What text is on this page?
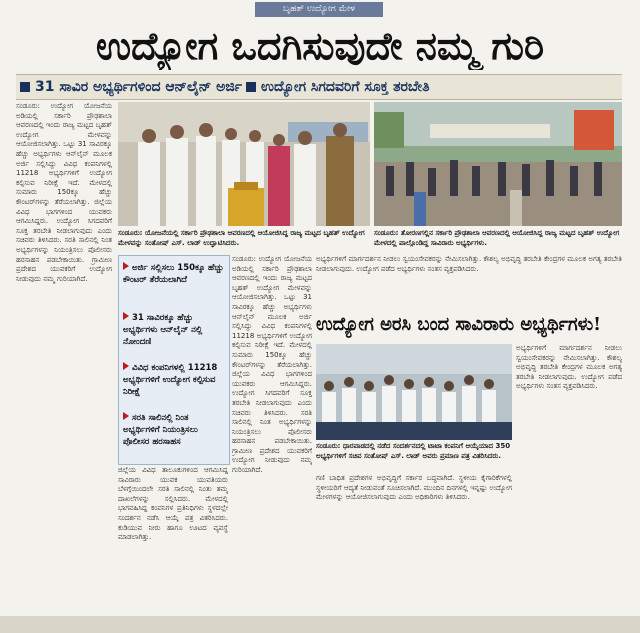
ಬೃಹತ್ ಉದ್ಯೋಗ ಮೇಳ
ಉದ್ಯೋಗ ಒದಗಿಸುವುದೇ ನಮ್ಮ ಗುರಿ
31 ಸಾವಿರ ಅಭ್ಯರ್ಥಿಗಳಿಂದ ಆನ್‌ಲೈನ್ ಅರ್ಜಿ ಉದ್ಯೋಗ ಸಿಗದವರಿಗೆ ಸೂಕ್ತ ತರಬೇತಿ
ಸಂಡೂರು: ಉದ್ಯೋಗ ಯೋಜನೆಯ ಅಡಿಯಲ್ಲಿ ಸರ್ಕಾರಿ ಪ್ರೌಢಶಾಲಾ ಆವರಣದಲ್ಲಿ ಇಂದು ರಾಜ್ಯ ಮಟ್ಟದ ಬೃಹತ್ ಉದ್ಯೋಗ ಮೇಳವನ್ನು ಆಯೋಜಿಸಲಾಗಿತ್ತು. ಒಟ್ಟು 31 ಸಾವಿರಕ್ಕೂ ಹೆಚ್ಚು ಅಭ್ಯರ್ಥಿಗಳು ಆನ್‌ಲೈನ್ ಮೂಲಕ ಅರ್ಜಿ ಸಲ್ಲಿಸಿದ್ದು ವಿವಿಧ ಕಂಪನಿಗಳಲ್ಲಿ 11218 ಅಭ್ಯರ್ಥಿಗಳಿಗೆ ಉದ್ಯೋಗ ಕಲ್ಪಿಸುವ ನಿರೀಕ್ಷೆ ಇದೆ. ಮೇಳದಲ್ಲಿ ಸುಮಾರು 150ಕ್ಕೂ ಹೆಚ್ಚು ಕೌಂಟರ್‌ಗಳನ್ನು ತೆರೆಯಲಾಗಿತ್ತು. ಜಿಲ್ಲೆಯ ವಿವಿಧ ಭಾಗಗಳಿಂದ ಯುವಕರು ಆಗಮಿಸಿದ್ದರು. ಉದ್ಯೋಗ ಸಿಗದವರಿಗೆ ಸೂಕ್ತ ತರಬೇತಿ ನೀಡಲಾಗುವುದು ಎಂದು ಸಚಿವರು ತಿಳಿಸಿದರು. ಸರತಿ ಸಾಲಿನಲ್ಲಿ ನಿಂತ ಅಭ್ಯರ್ಥಿಗಳನ್ನು ನಿಯಂತ್ರಿಸಲು ಪೊಲೀಸರು ಹರಸಾಹಸ ಪಡಬೇಕಾಯಿತು. ಗ್ರಾಮೀಣ ಪ್ರದೇಶದ ಯುವಕರಿಗೆ ಉದ್ಯೋಗ ನೀಡುವುದು ನಮ್ಮ ಗುರಿಯಾಗಿದೆ.
ಸಂಡೂರು: ಯೋಜನೆಯಲ್ಲಿ ಸರ್ಕಾರಿ ಪ್ರೌಢಶಾಲಾ ಆವರಣದಲ್ಲಿ ಆಯೋಜಿಸಿದ್ದ ರಾಜ್ಯ ಮಟ್ಟದ ಬೃಹತ್ ಉದ್ಯೋಗ ಮೇಳವನ್ನು ಸಂತೋಷ್ ಎಸ್. ಲಾಡ್ ಉದ್ಘಾಟಿಸಿದರು.
ಸಂಡೂರು: ತೋರಣಗಲ್ಲಿನ ಸರ್ಕಾರಿ ಪ್ರೌಢಶಾಲಾ ಆವರಣದಲ್ಲಿ ಆಯೋಜಿಸಿದ್ದ ರಾಜ್ಯ ಮಟ್ಟದ ಬೃಹತ್ ಉದ್ಯೋಗ ಮೇಳದಲ್ಲಿ ಪಾಲ್ಗೊಂಡಿದ್ದ ಸಾವಿರಾರು ಅಭ್ಯರ್ಥಿಗಳು.
ಅರ್ಜಿ ಸಲ್ಲಿಸಲು 150ಕ್ಕೂ ಹೆಚ್ಚು ಕೌಂಟರ್ ತೆರೆಯಲಾಗಿದೆ
31 ಸಾವಿರಕ್ಕೂ ಹೆಚ್ಚು ಅಭ್ಯರ್ಥಿಗಳು ಆನ್‌ಲೈನ್ ನಲ್ಲಿ ನೋಂದಣಿ
ವಿವಿಧ ಕಂಪನಿಗಳಲ್ಲಿ 11218 ಅಭ್ಯರ್ಥಿಗಳಿಗೆ ಉದ್ಯೋಗ ಕಲ್ಪಿಸುವ ನಿರೀಕ್ಷೆ
ಸರತಿ ಸಾಲಿನಲ್ಲಿ ನಿಂತ ಅಭ್ಯರ್ಥಿಗಳಿಗೆ ನಿಯಂತ್ರಿಸಲು ಪೊಲೀಸರ ಹರಸಾಹಸ
ಜಿಲ್ಲೆಯ ವಿವಿಧ ತಾಲೂಕುಗಳಿಂದ ಆಗಮಿಸಿದ್ದ ಸಾವಿರಾರು ಯುವಕ ಯುವತಿಯರು ಬೆಳಗ್ಗೆಯಿಂದಲೇ ಸರತಿ ಸಾಲಿನಲ್ಲಿ ನಿಂತು ತಮ್ಮ ದಾಖಲೆಗಳನ್ನು ಸಲ್ಲಿಸಿದರು. ಮೇಳದಲ್ಲಿ ಭಾಗವಹಿಸಿದ್ದ ಕಂಪನಿಗಳ ಪ್ರತಿನಿಧಿಗಳು ಸ್ಥಳದಲ್ಲೇ ಸಂದರ್ಶನ ನಡೆಸಿ ಆಯ್ಕೆ ಪತ್ರ ವಿತರಿಸಿದರು. ಕುಡಿಯುವ ನೀರು ಹಾಗೂ ಊಟದ ವ್ಯವಸ್ಥೆ ಮಾಡಲಾಗಿತ್ತು.
ಸಂಡೂರು: ಉದ್ಯೋಗ ಯೋಜನೆಯ ಅಡಿಯಲ್ಲಿ ಸರ್ಕಾರಿ ಪ್ರೌಢಶಾಲಾ ಆವರಣದಲ್ಲಿ ಇಂದು ರಾಜ್ಯ ಮಟ್ಟದ ಬೃಹತ್ ಉದ್ಯೋಗ ಮೇಳವನ್ನು ಆಯೋಜಿಸಲಾಗಿತ್ತು. ಒಟ್ಟು 31 ಸಾವಿರಕ್ಕೂ ಹೆಚ್ಚು ಅಭ್ಯರ್ಥಿಗಳು ಆನ್‌ಲೈನ್ ಮೂಲಕ ಅರ್ಜಿ ಸಲ್ಲಿಸಿದ್ದು ವಿವಿಧ ಕಂಪನಿಗಳಲ್ಲಿ 11218 ಅಭ್ಯರ್ಥಿಗಳಿಗೆ ಉದ್ಯೋಗ ಕಲ್ಪಿಸುವ ನಿರೀಕ್ಷೆ ಇದೆ. ಮೇಳದಲ್ಲಿ ಸುಮಾರು 150ಕ್ಕೂ ಹೆಚ್ಚು ಕೌಂಟರ್‌ಗಳನ್ನು ತೆರೆಯಲಾಗಿತ್ತು. ಜಿಲ್ಲೆಯ ವಿವಿಧ ಭಾಗಗಳಿಂದ ಯುವಕರು ಆಗಮಿಸಿದ್ದರು. ಉದ್ಯೋಗ ಸಿಗದವರಿಗೆ ಸೂಕ್ತ ತರಬೇತಿ ನೀಡಲಾಗುವುದು ಎಂದು ಸಚಿವರು ತಿಳಿಸಿದರು. ಸರತಿ ಸಾಲಿನಲ್ಲಿ ನಿಂತ ಅಭ್ಯರ್ಥಿಗಳನ್ನು ನಿಯಂತ್ರಿಸಲು ಪೊಲೀಸರು ಹರಸಾಹಸ ಪಡಬೇಕಾಯಿತು. ಗ್ರಾಮೀಣ ಪ್ರದೇಶದ ಯುವಕರಿಗೆ ಉದ್ಯೋಗ ನೀಡುವುದು ನಮ್ಮ ಗುರಿಯಾಗಿದೆ.
ಉದ್ಯೋಗ ಅರಸಿ ಬಂದ ಸಾವಿರಾರು ಅಭ್ಯರ್ಥಿಗಳು!
ಅಭ್ಯರ್ಥಿಗಳಿಗೆ ಮಾರ್ಗದರ್ಶನ ನೀಡಲು ಸ್ವಯಂಸೇವಕರನ್ನು ನೇಮಿಸಲಾಗಿತ್ತು. ಕೌಶಲ್ಯ ಅಭಿವೃದ್ಧಿ ತರಬೇತಿ ಕೇಂದ್ರಗಳ ಮೂಲಕ ಅಗತ್ಯ ತರಬೇತಿ ನೀಡಲಾಗುವುದು. ಉದ್ಯೋಗ ಪಡೆದ ಅಭ್ಯರ್ಥಿಗಳು ಸಂತಸ ವ್ಯಕ್ತಪಡಿಸಿದರು.
ಸಂಡೂರು: ಧಾರವಾಡದಲ್ಲಿ ನಡೆದ ಸಂದರ್ಶನದಲ್ಲಿ ಟಾಟಾ ಕಂಪನಿಗೆ ಆಯ್ಕೆಯಾದ 350 ಅಭ್ಯರ್ಥಿಗಳಿಗೆ ಸಚಿವ ಸಂತೋಷ್ ಎಸ್. ಲಾಡ್ ಅವರು ಪ್ರಮಾಣ ಪತ್ರ ವಿತರಿಸಿದರು.
ಅಭ್ಯರ್ಥಿಗಳಿಗೆ ಮಾರ್ಗದರ್ಶನ ನೀಡಲು ಸ್ವಯಂಸೇವಕರನ್ನು ನೇಮಿಸಲಾಗಿತ್ತು. ಕೌಶಲ್ಯ ಅಭಿವೃದ್ಧಿ ತರಬೇತಿ ಕೇಂದ್ರಗಳ ಮೂಲಕ ಅಗತ್ಯ ತರಬೇತಿ ನೀಡಲಾಗುವುದು. ಉದ್ಯೋಗ ಪಡೆದ ಅಭ್ಯರ್ಥಿಗಳು ಸಂತಸ ವ್ಯಕ್ತಪಡಿಸಿದರು.
ಗಣಿ ಬಾಧಿತ ಪ್ರದೇಶಗಳ ಅಭಿವೃದ್ಧಿಗೆ ಸರ್ಕಾರ ಬದ್ಧವಾಗಿದೆ. ಸ್ಥಳೀಯ ಕೈಗಾರಿಕೆಗಳಲ್ಲಿ ಸ್ಥಳೀಯರಿಗೆ ಆದ್ಯತೆ ನೀಡುವಂತೆ ಸೂಚಿಸಲಾಗಿದೆ. ಮುಂದಿನ ದಿನಗಳಲ್ಲಿ ಇನ್ನಷ್ಟು ಉದ್ಯೋಗ ಮೇಳಗಳನ್ನು ಆಯೋಜಿಸಲಾಗುವುದು ಎಂದು ಅಧಿಕಾರಿಗಳು ತಿಳಿಸಿದರು.
